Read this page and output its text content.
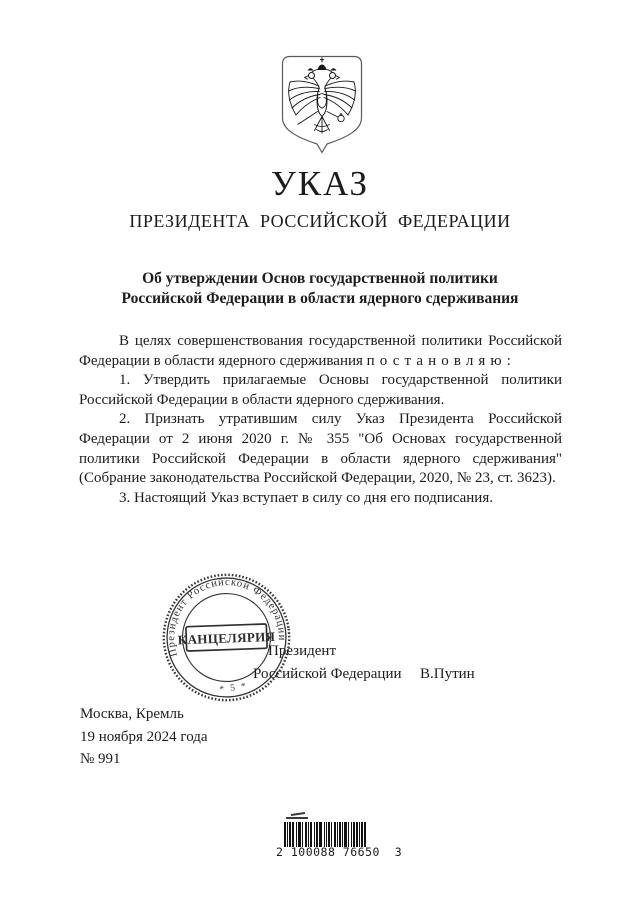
УКАЗ
ПРЕЗИДЕНТА РОССИЙСКОЙ ФЕДЕРАЦИИ
Об утверждении Основ государственной политики
Российской Федерации в области ядерного сдерживания

В целях совершенствования государственной политики Российской Федерации в области ядерного сдерживания постановляю:

1. Утвердить прилагаемые Основы государственной политики Российской Федерации в области ядерного сдерживания.

2. Признать утратившим силу Указ Президента Российской Федерации от 2 июня 2020 г. № 355 "Об Основах государственной политики Российской Федерации в области ядерного сдерживания" (Собрание законодательства Российской Федерации, 2020, № 23, ст. 3623).

3. Настоящий Указ вступает в силу со дня его подписания.

Президент
Российской Федерации В.Путин
Президент Российской Федерации
* 5 *
КАНЦЕЛЯРИЯ
Москва, Кремль
19 ноября 2024 года
№ 991
2 100088 76650  3
